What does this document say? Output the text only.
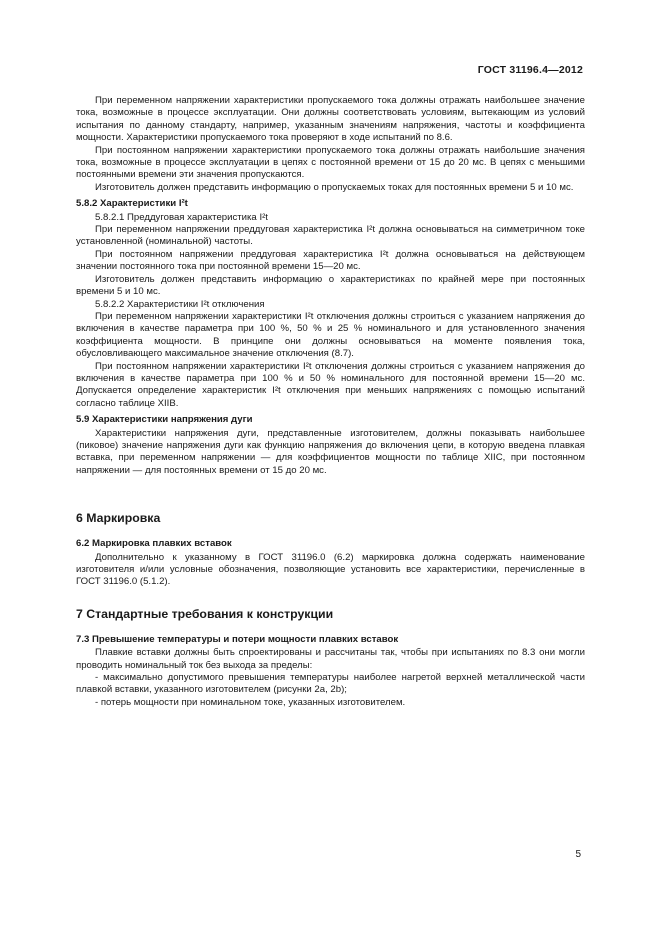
ГОСТ 31196.4—2012

При переменном напряжении характеристики пропускаемого тока должны отражать наибольшее значение тока, возможные в процессе эксплуатации. Они должны соответствовать условиям, вытекающим из условий испытания по данному стандарту, например, указанным значениям напряжения, частоты и коэффициента мощности. Характеристики пропускаемого тока проверяют в ходе испытаний по 8.6.

При постоянном напряжении характеристики пропускаемого тока должны отражать наибольшие значения тока, возможные в процессе эксплуатации в цепях с постоянной времени от 15 до 20 мс. В цепях с меньшими постоянными времени эти значения пропускаются.

Изготовитель должен представить информацию о пропускаемых токах для постоянных времени 5 и 10 мс.

5.8.2 Характеристики I²t

5.8.2.1 Преддуговая характеристика I²t

При переменном напряжении преддуговая характеристика I²t должна основываться на симметричном токе установленной (номинальной) частоты.

При постоянном напряжении преддуговая характеристика I²t должна основываться на действующем значении постоянного тока при постоянной времени 15—20 мс.

Изготовитель должен представить информацию о характеристиках по крайней мере при постоянных времени 5 и 10 мс.

5.8.2.2 Характеристики I²t отключения

При переменном напряжении характеристики I²t отключения должны строиться с указанием напряжения до включения в качестве параметра при 100 %, 50 % и 25 % номинального и для установленного значения коэффициента мощности. В принципе они должны основываться на моменте появления тока, обусловливающего максимальное значение отключения (8.7).

При постоянном напряжении характеристики I²t отключения должны строиться с указанием напряжения до включения в качестве параметра при 100 % и 50 % номинального для постоянной времени 15—20 мс. Допускается определение характеристик I²t отключения при меньших напряжениях с помощью испытаний согласно таблице XIIB.

5.9 Характеристики напряжения дуги

Характеристики напряжения дуги, представленные изготовителем, должны показывать наибольшее (пиковое) значение напряжения дуги как функцию напряжения до включения цепи, в которую введена плавкая вставка, при переменном напряжении — для коэффициентов мощности по таблице XIIC, при постоянном напряжении — для постоянных времени от 15 до 20 мс.

6 Маркировка

6.2 Маркировка плавких вставок

Дополнительно к указанному в ГОСТ 31196.0 (6.2) маркировка должна содержать наименование изготовителя и/или условные обозначения, позволяющие установить все характеристики, перечисленные в ГОСТ 31196.0 (5.1.2).

7 Стандартные требования к конструкции

7.3 Превышение температуры и потери мощности плавких вставок

Плавкие вставки должны быть спроектированы и рассчитаны так, чтобы при испытаниях по 8.3 они могли проводить номинальный ток без выхода за пределы:

- максимально допустимого превышения температуры наиболее нагретой верхней металлической части плавкой вставки, указанного изготовителем (рисунки 2a, 2b);

- потерь мощности при номинальном токе, указанных изготовителем.

5
